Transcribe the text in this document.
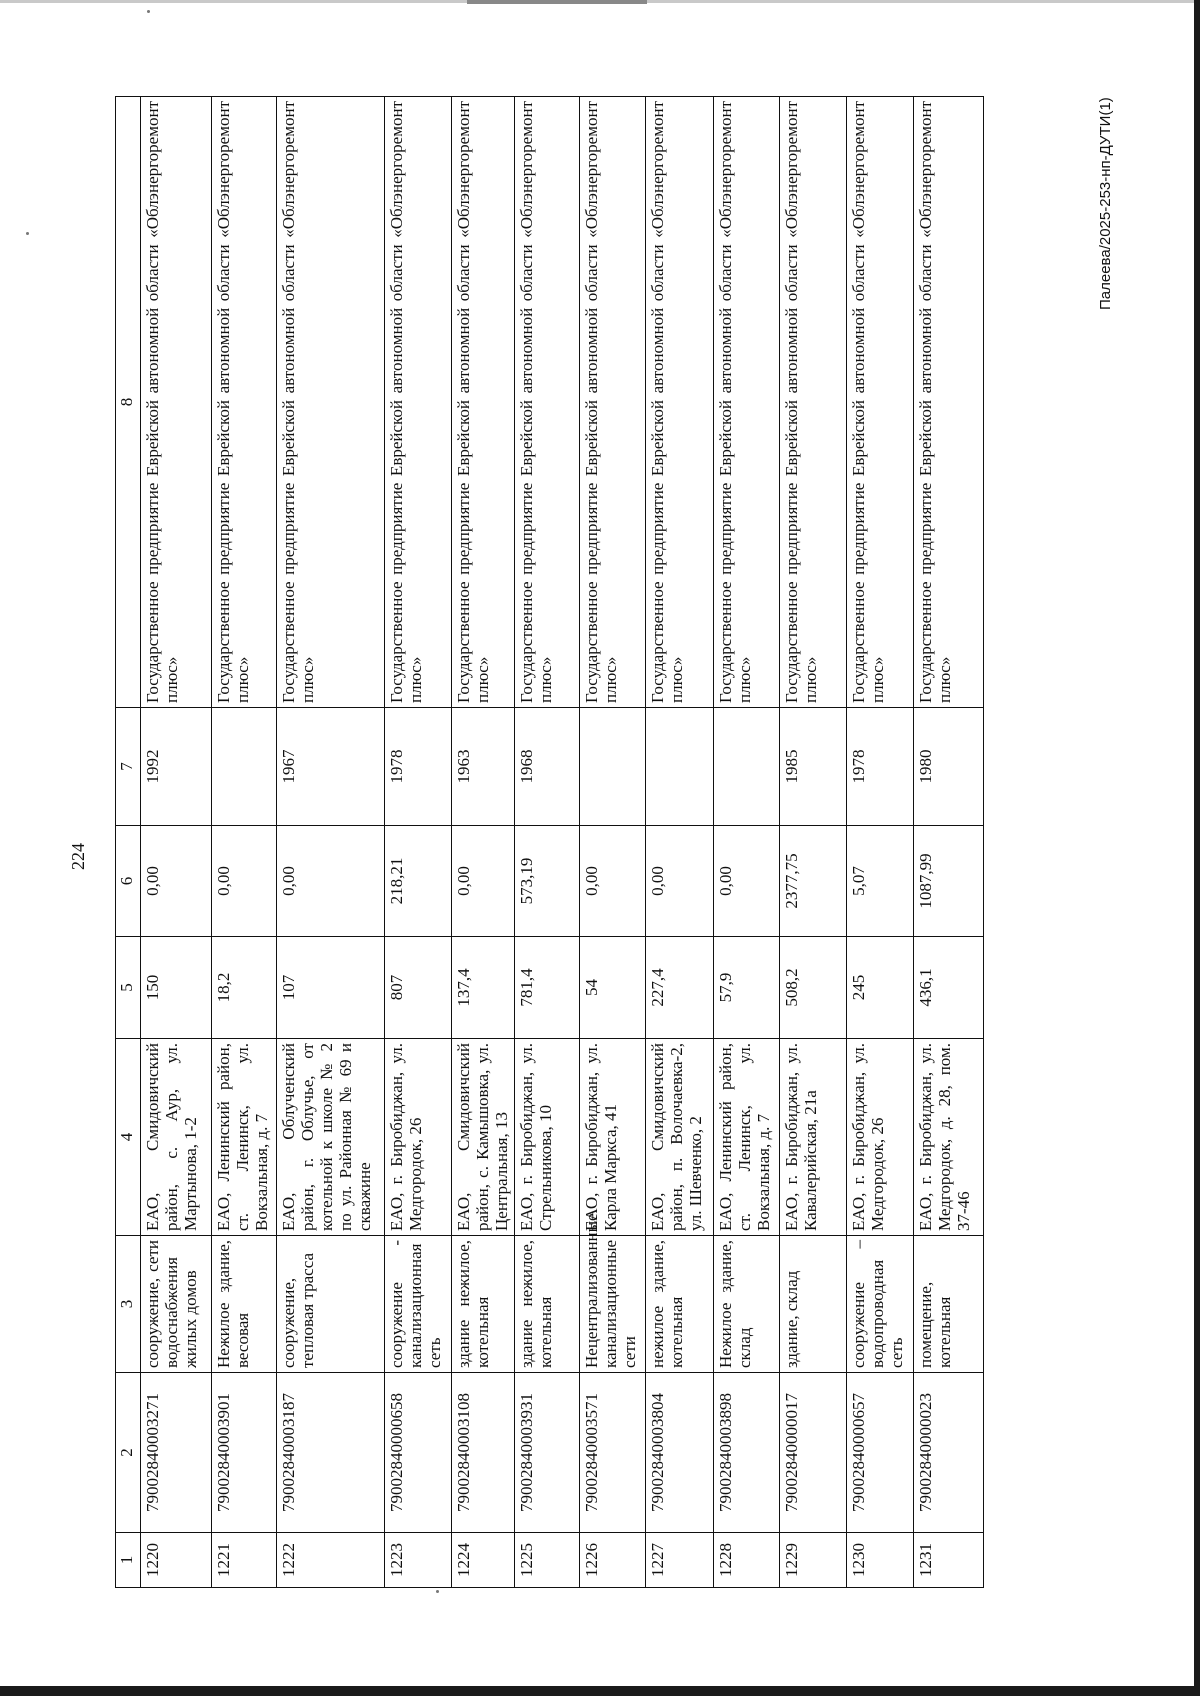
224
1	2	3	4	5	6	7	8
1220	79002840003271	сооружение, сети водоснабжения жилых домов	ЕАО, Смидовичский район, с. Аур, ул. Мартынова, 1-2	150	0,00	1992	Государственное предприятие Еврейской автономной области «Облэнергоремонт плюс»
1221	79002840003901	Нежилое здание, весовая	ЕАО, Ленинский район, ст. Ленинск, ул. Вокзальная, д. 7	18,2	0,00		Государственное предприятие Еврейской автономной области «Облэнергоремонт плюс»
1222	79002840003187	сооружение, тепловая трасса	ЕАО, Облученский район, г. Облучье, от котельной к школе № 2 по ул. Районная № 69 и скважине	107	0,00	1967	Государственное предприятие Еврейской автономной области «Облэнергоремонт плюс»
1223	79002840000658	сооружение - канализационная сеть	ЕАО, г. Биробиджан, ул. Медгородок, 26	807	218,21	1978	Государственное предприятие Еврейской автономной области «Облэнергоремонт плюс»
1224	79002840003108	здание нежилое, котельная	ЕАО, Смидовичский район, с. Камышовка, ул. Центральная, 13	137,4	0,00	1963	Государственное предприятие Еврейской автономной области «Облэнергоремонт плюс»
1225	79002840003931	здание нежилое, котельная	ЕАО, г. Биробиджан, ул. Стрельникова, 10	781,4	573,19	1968	Государственное предприятие Еврейской автономной области «Облэнергоремонт плюс»
1226	79002840003571	Нецентрализованные канализационные сети	ЕАО, г. Биробиджан, ул. Карла Маркса, 41	54	0,00		Государственное предприятие Еврейской автономной области «Облэнергоремонт плюс»
1227	79002840003804	нежилое здание, котельная	ЕАО, Смидовичский район, п. Волочаевка-2, ул. Шевченко, 2	227,4	0,00		Государственное предприятие Еврейской автономной области «Облэнергоремонт плюс»
1228	79002840003898	Нежилое здание, склад	ЕАО, Ленинский район, ст. Ленинск, ул. Вокзальная, д. 7	57,9	0,00		Государственное предприятие Еврейской автономной области «Облэнергоремонт плюс»
1229	79002840000017	здание, склад	ЕАО, г. Биробиджан, ул. Кавалерийская, 21а	508,2	2377,75	1985	Государственное предприятие Еврейской автономной области «Облэнергоремонт плюс»
1230	79002840000657	сооружение – водопроводная сеть	ЕАО, г. Биробиджан, ул. Медгородок, 26	245	5,07	1978	Государственное предприятие Еврейской автономной области «Облэнергоремонт плюс»
1231	79002840000023	помещение, котельная	ЕАО, г. Биробиджан, ул. Медгородок, д. 28, пом. 37-46	436,1	1087,99	1980	Государственное предприятие Еврейской автономной области «Облэнергоремонт плюс»
Палеева/2025-253-нп-ДУТИ(1)
